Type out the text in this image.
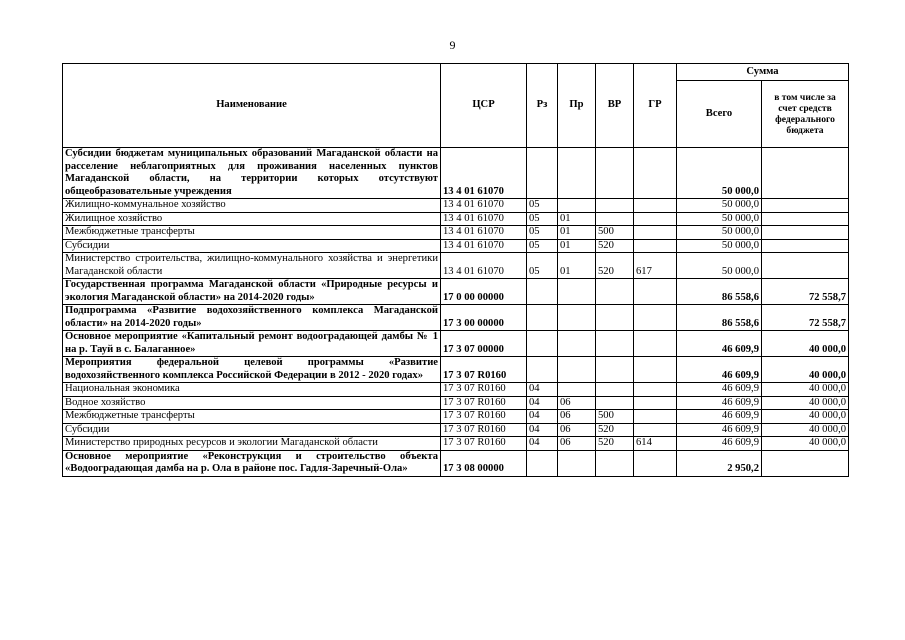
9
Наименование	ЦСР	Рз	Пр	ВР	ГР	Сумма	
						Всего	в том числе за счет средств федерального бюджета
Субсидии бюджетам муниципальных образований Магаданской области на расселение неблагоприятных для проживания населенных пунктов Магаданской области, на территории которых отсутствуют общеобразовательные учреждения	13 4 01 61070					50 000,0	
Жилищно-коммунальное хозяйство	13 4 01 61070	05				50 000,0	
Жилищное хозяйство	13 4 01 61070	05	01			50 000,0	
Межбюджетные трансферты	13 4 01 61070	05	01	500		50 000,0	
Субсидии	13 4 01 61070	05	01	520		50 000,0	
Министерство строительства, жилищно-коммунального хозяйства и энергетики Магаданской области	13 4 01 61070	05	01	520	617	50 000,0	
Государственная программа Магаданской области «Природные ресурсы и экология Магаданской области» на 2014-2020 годы»	17 0 00 00000					86 558,6	72 558,7
Подпрограмма «Развитие водохозяйственного комплекса Магаданской области» на 2014-2020 годы»	17 3 00 00000					86 558,6	72 558,7
Основное мероприятие «Капитальный ремонт водооградающей дамбы № 1 на р. Тауй в с. Балаганное»	17 3 07 00000					46 609,9	40 000,0
Мероприятия федеральной целевой программы «Развитие водохозяйственного комплекса Российской Федерации в 2012 - 2020 годах»	17 3 07 R0160					46 609,9	40 000,0
Национальная экономика	17 3 07 R0160	04				46 609,9	40 000,0
Водное хозяйство	17 3 07 R0160	04	06			46 609,9	40 000,0
Межбюджетные трансферты	17 3 07 R0160	04	06	500		46 609,9	40 000,0
Субсидии	17 3 07 R0160	04	06	520		46 609,9	40 000,0
Министерство природных ресурсов и экологии Магаданской области	17 3 07 R0160	04	06	520	614	46 609,9	40 000,0
Основное мероприятие «Реконструкция и строительство объекта «Водооградающая дамба на р. Ола в районе пос. Гадля-Заречный-Ола»	17 3 08 00000					2 950,2	
